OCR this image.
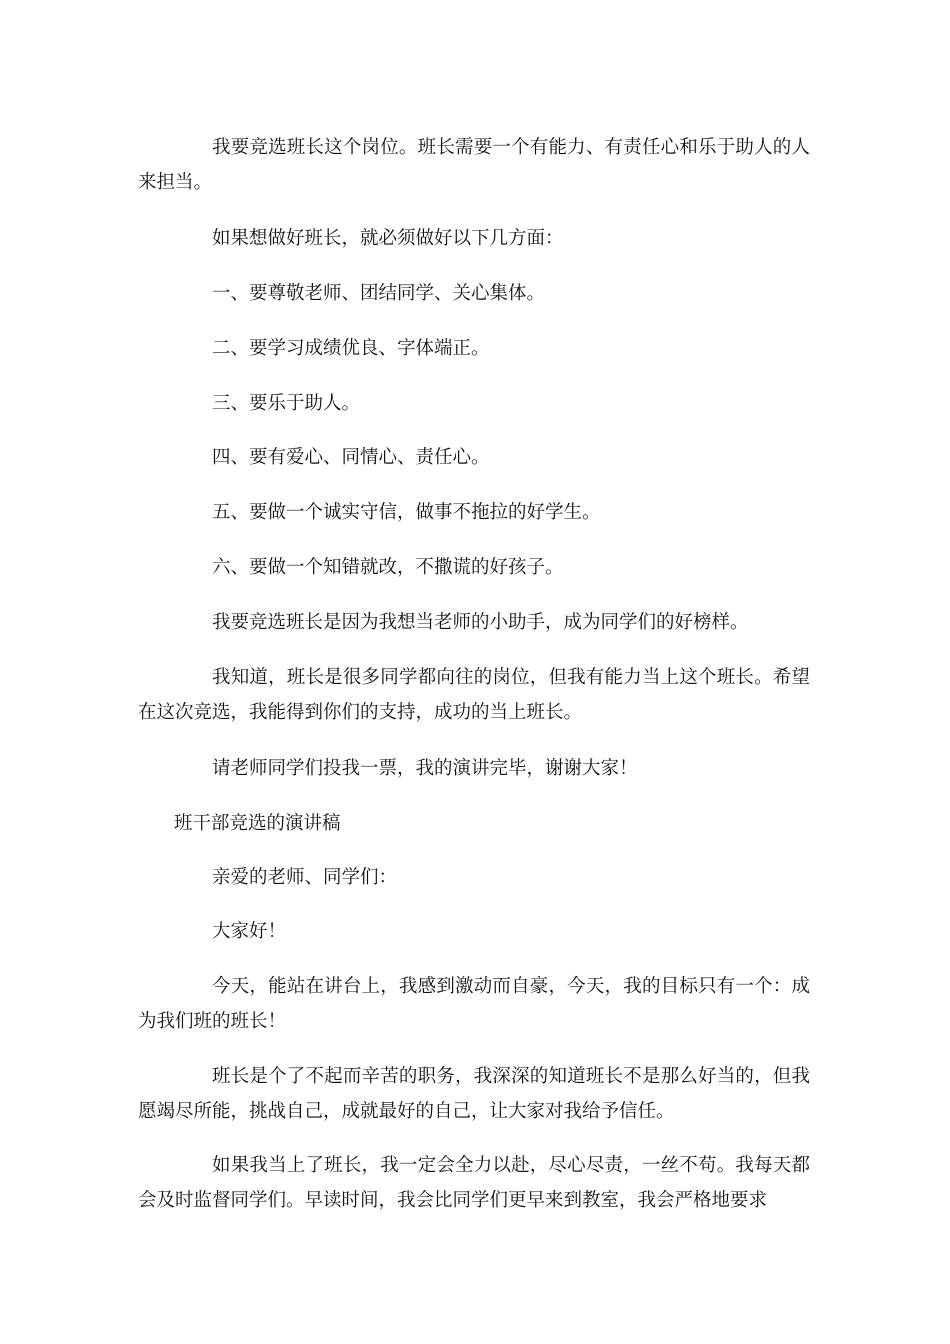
我要竞选班长这个岗位。班长需要一个有能力、有责任心和乐于助人的人来担当。

如果想做好班长，就必须做好以下几方面：

一、要尊敬老师、团结同学、关心集体。

二、要学习成绩优良、字体端正。

三、要乐于助人。

四、要有爱心、同情心、责任心。

五、要做一个诚实守信，做事不拖拉的好学生。

六、要做一个知错就改，不撒谎的好孩子。

我要竞选班长是因为我想当老师的小助手，成为同学们的好榜样。

我知道，班长是很多同学都向往的岗位，但我有能力当上这个班长。希望在这次竞选，我能得到你们的支持，成功的当上班长。

请老师同学们投我一票，我的演讲完毕，谢谢大家！

班干部竞选的演讲稿

亲爱的老师、同学们：

大家好！

今天，能站在讲台上，我感到激动而自豪，今天，我的目标只有一个：成为我们班的班长！

班长是个了不起而辛苦的职务，我深深的知道班长不是那么好当的，但我愿竭尽所能，挑战自己，成就最好的自己，让大家对我给予信任。

如果我当上了班长，我一定会全力以赴，尽心尽责，一丝不苟。我每天都会及时监督同学们。早读时间，我会比同学们更早来到教室，我会严格地要求
